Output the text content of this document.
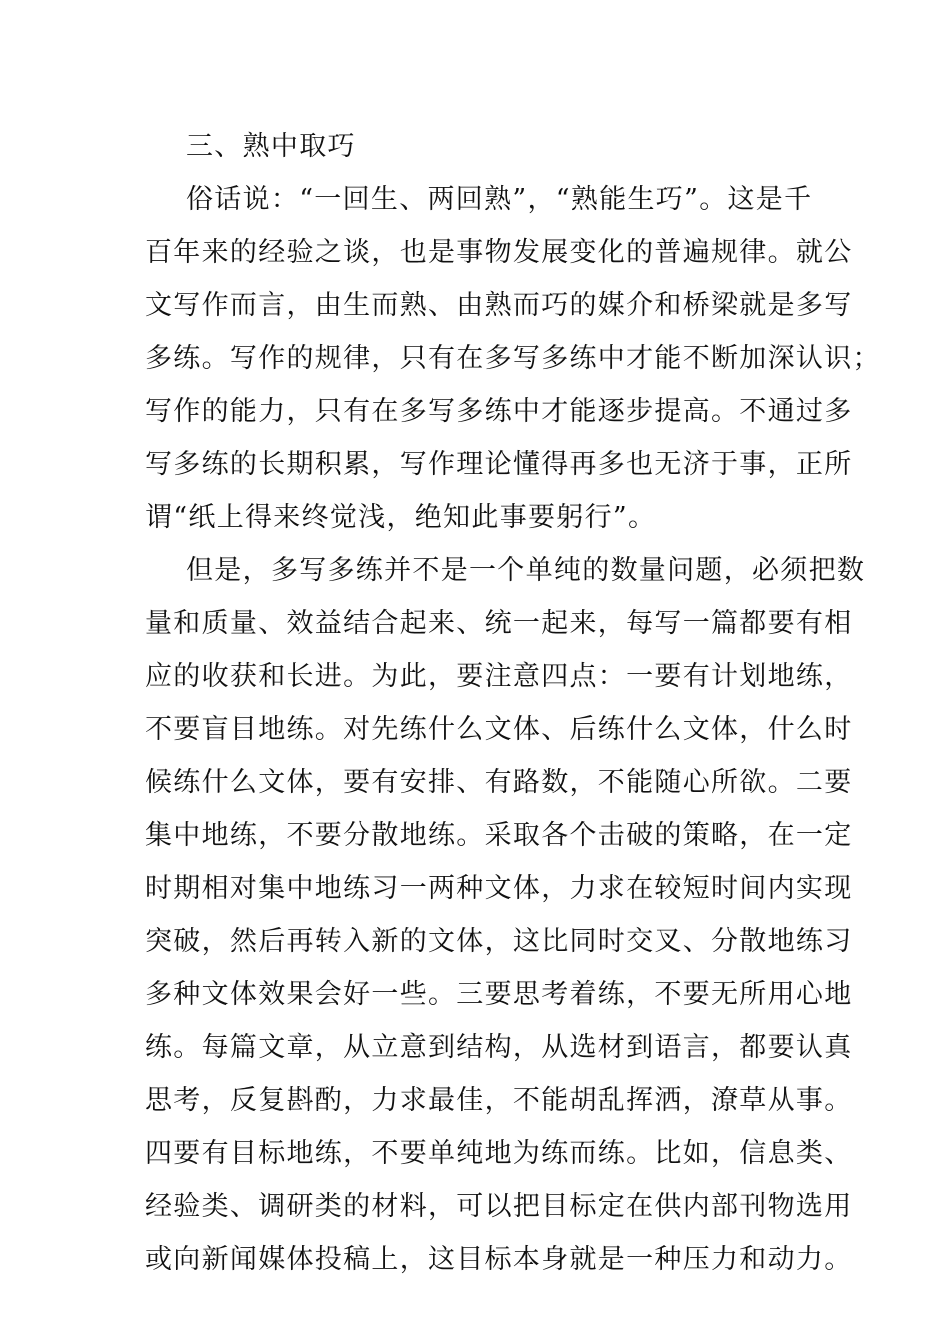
三、熟中取巧
俗话说：“一回生、两回熟”，“熟能生巧”。这是千
百年来的经验之谈，也是事物发展变化的普遍规律。就公
文写作而言，由生而熟、由熟而巧的媒介和桥梁就是多写
多练。写作的规律，只有在多写多练中才能不断加深认识；
写作的能力，只有在多写多练中才能逐步提高。不通过多
写多练的长期积累，写作理论懂得再多也无济于事，正所
谓“纸上得来终觉浅，绝知此事要躬行”。
但是，多写多练并不是一个单纯的数量问题，必须把数
量和质量、效益结合起来、统一起来，每写一篇都要有相
应的收获和长进。为此，要注意四点：一要有计划地练，
不要盲目地练。对先练什么文体、后练什么文体，什么时
候练什么文体，要有安排、有路数，不能随心所欲。二要
集中地练，不要分散地练。采取各个击破的策略，在一定
时期相对集中地练习一两种文体，力求在较短时间内实现
突破，然后再转入新的文体，这比同时交叉、分散地练习
多种文体效果会好一些。三要思考着练，不要无所用心地
练。每篇文章，从立意到结构，从选材到语言，都要认真
思考，反复斟酌，力求最佳，不能胡乱挥洒，潦草从事。
四要有目标地练，不要单纯地为练而练。比如，信息类、
经验类、调研类的材料，可以把目标定在供内部刊物选用
或向新闻媒体投稿上，这目标本身就是一种压力和动力。
